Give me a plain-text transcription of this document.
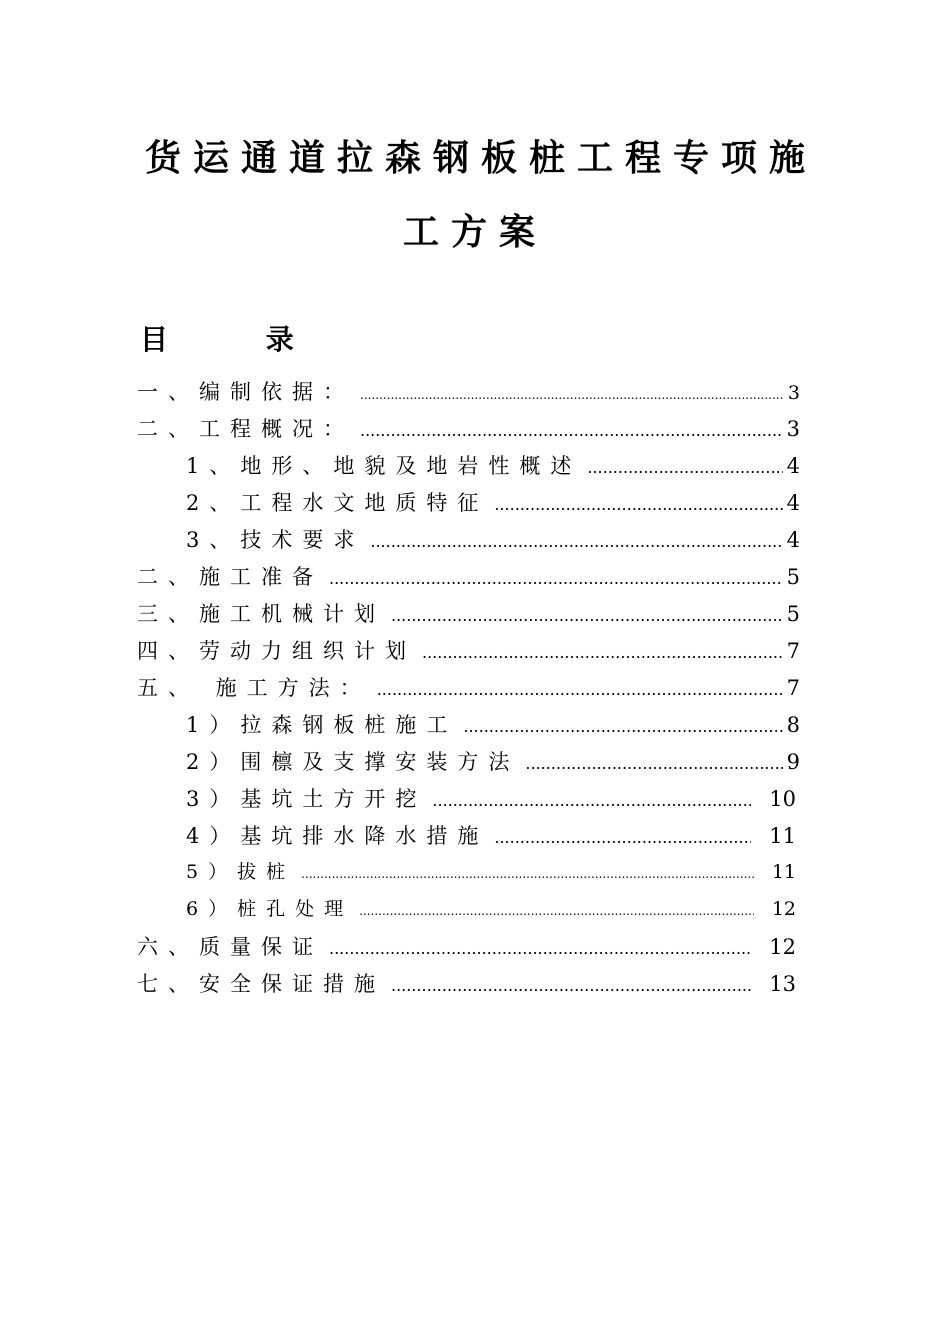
货运通道拉森钢板桩工程专项施
工方案
目 录
一、编制依据： .....	3
二、工程概况： .....	3
1、地形、地貌及地岩性概述 .....	4
2、工程水文地质特征 .....	4
3、技术要求 .....	4
二、施工准备 .....	5
三、施工机械计划 .....	5
四、劳动力组织计划 .....	7
五、 施工方法： .....	7
1）拉森钢板桩施工 .....	8
2）围檩及支撑安装方法 .....	9
3）基坑土方开挖 .....	10
4）基坑排水降水措施 .....	11
5）拔桩 .....	11
6）桩孔处理 .....	12
六、质量保证 .....	12
七、安全保证措施 .....	13
